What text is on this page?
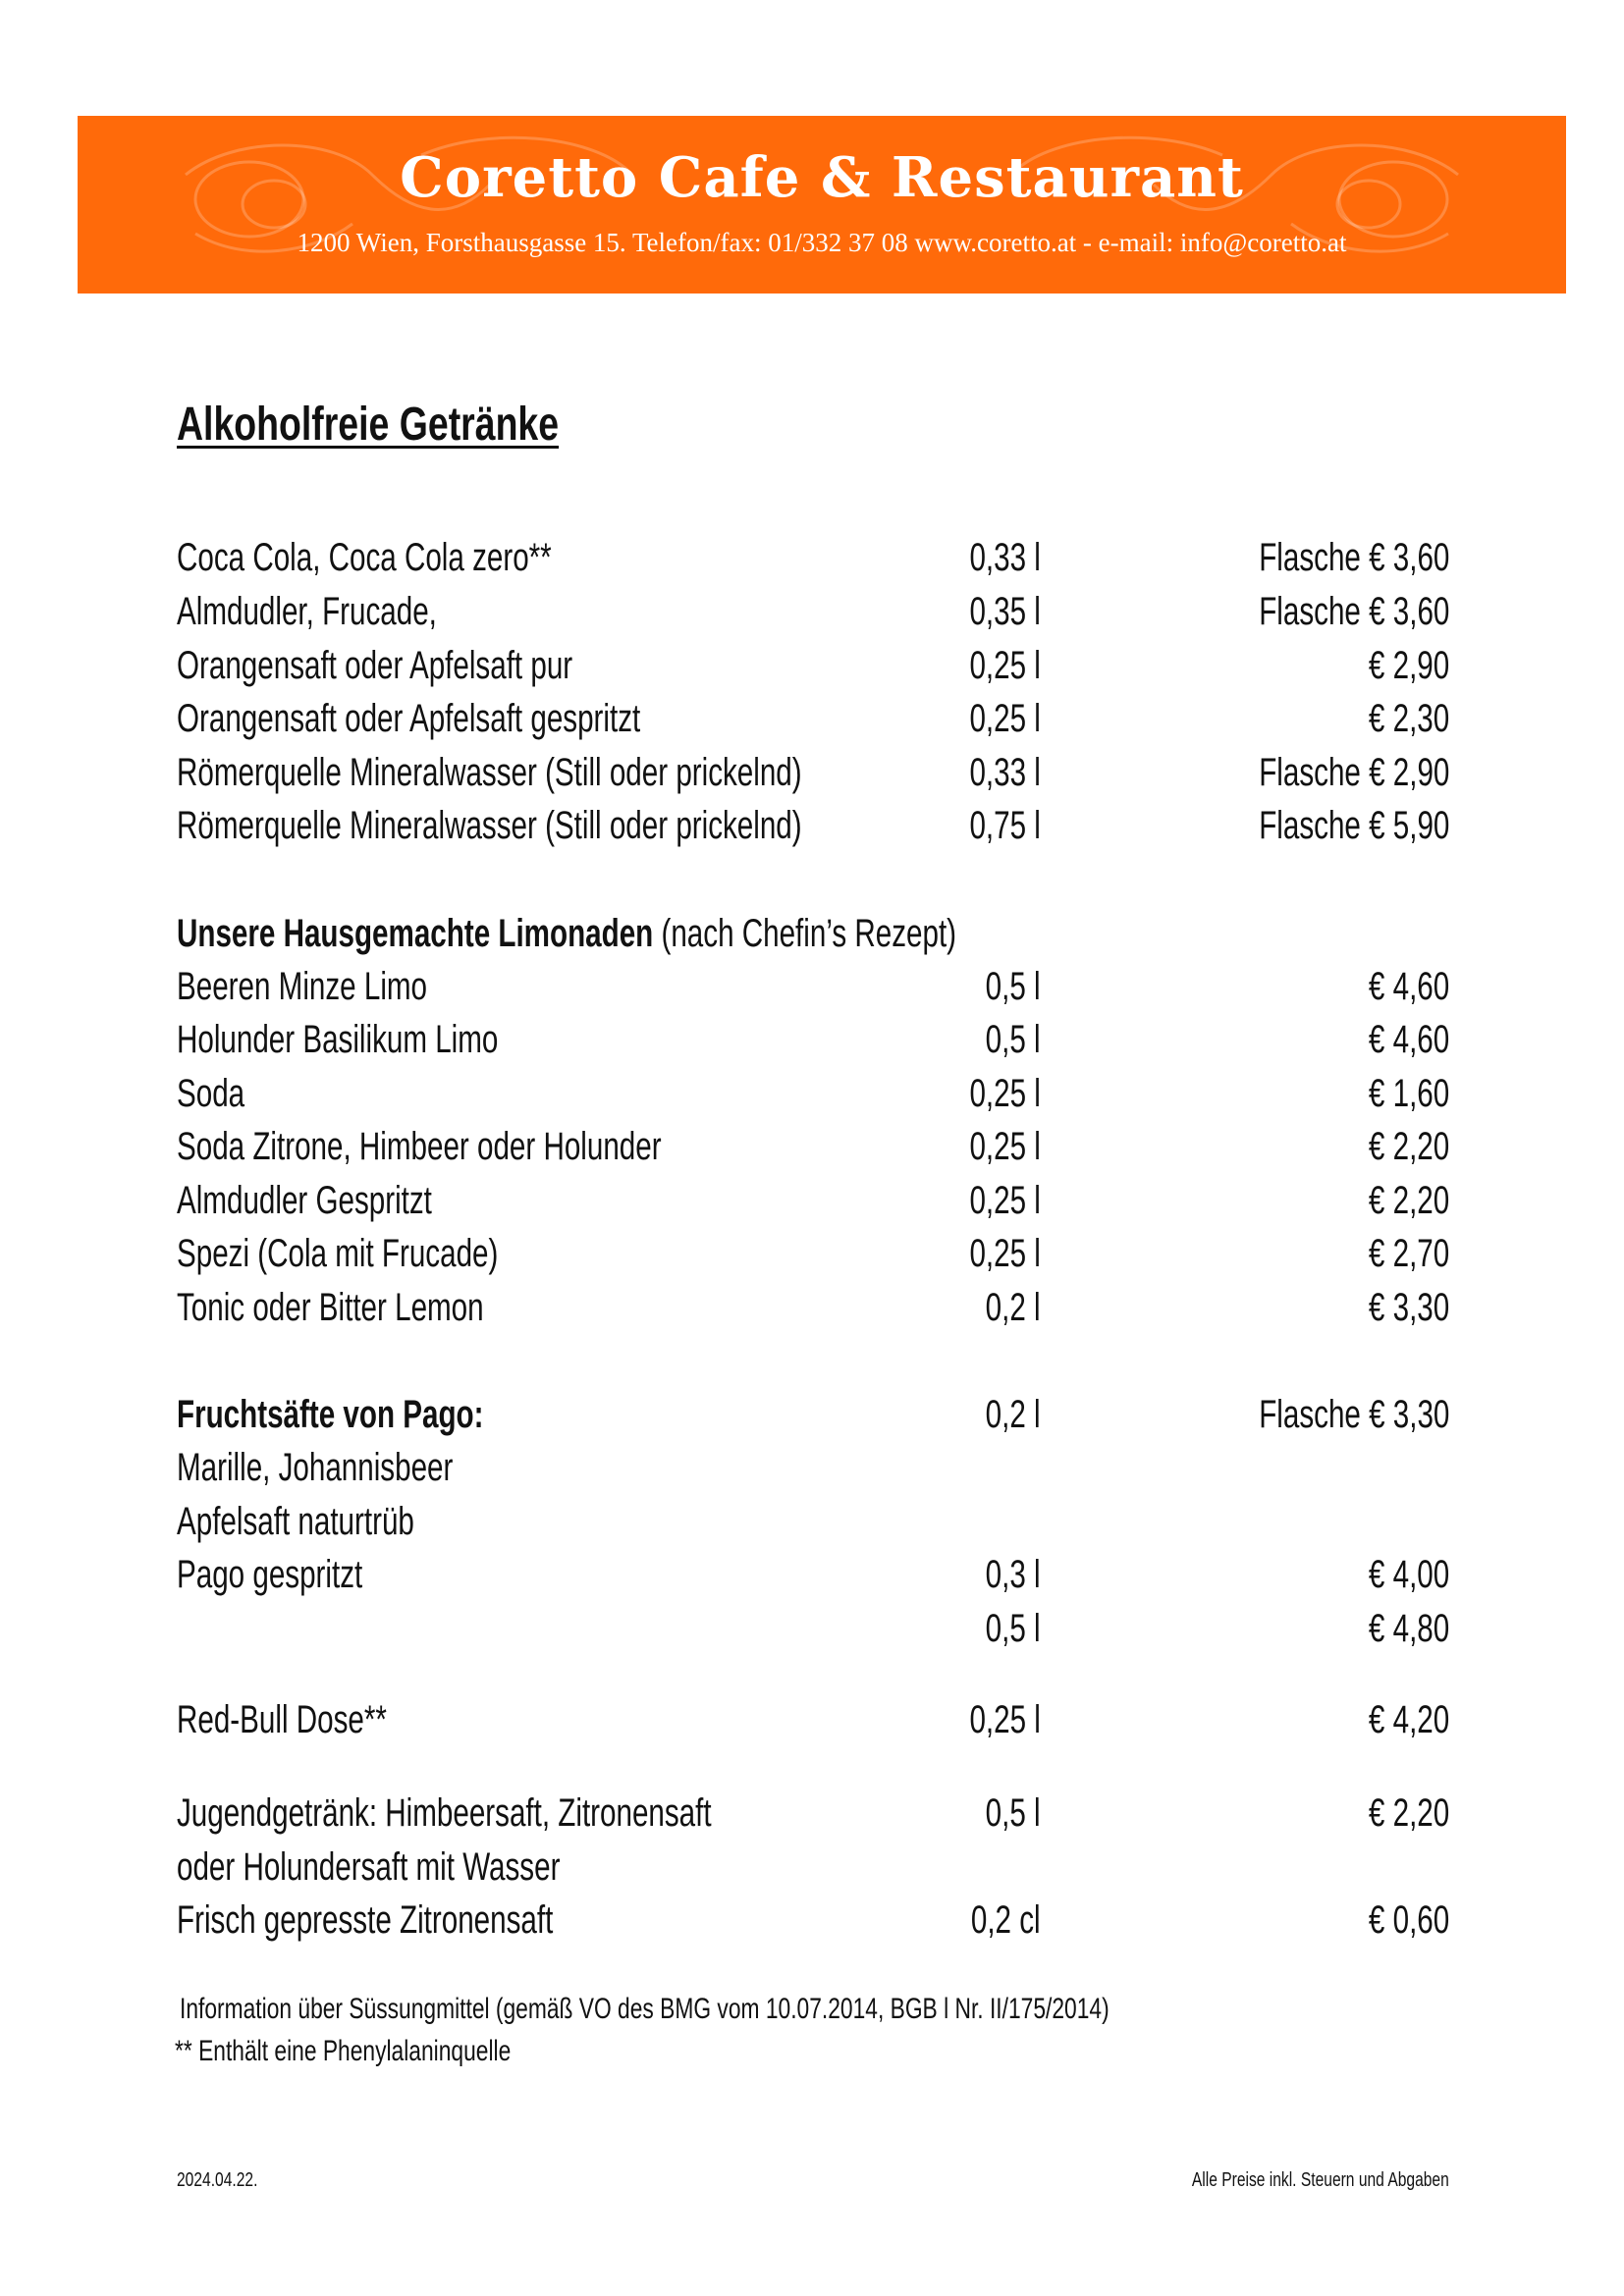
Coretto Cafe & Restaurant
1200 Wien, Forsthausgasse 15. Telefon/fax: 01/332 37 08 www.coretto.at - e-mail: info@coretto.at
Alkoholfreie Getränke
Coca Cola, Coca Cola zero**	0,33 l	Flasche € 3,60
Almdudler, Frucade,	0,35 l	Flasche € 3,60
Orangensaft oder Apfelsaft pur	0,25 l	€ 2,90
Orangensaft oder Apfelsaft gespritzt	0,25 l	€ 2,30
Römerquelle Mineralwasser (Still oder prickelnd)	0,33 l	Flasche € 2,90
Römerquelle Mineralwasser (Still oder prickelnd)	0,75 l	Flasche € 5,90
Unsere Hausgemachte Limonaden (nach Chefin’s Rezept)
Beeren Minze Limo	0,5 l	€ 4,60
Holunder Basilikum Limo	0,5 l	€ 4,60
Soda	0,25 l	€ 1,60
Soda Zitrone, Himbeer oder Holunder	0,25 l	€ 2,20
Almdudler Gespritzt	0,25 l	€ 2,20
Spezi (Cola mit Frucade)	0,25 l	€ 2,70
Tonic oder Bitter Lemon	0,2 l	€ 3,30
Fruchtsäfte von Pago:	0,2 l	Flasche € 3,30
Marille, Johannisbeer
Apfelsaft naturtrüb
Pago gespritzt	0,3 l	€ 4,00
0,5 l	€ 4,80
Red-Bull Dose**	0,25 l	€ 4,20
Jugendgetränk: Himbeersaft, Zitronensaft	0,5 l	€ 2,20
oder Holundersaft mit Wasser
Frisch gepresste Zitronensaft	0,2 cl	€ 0,60
Information über Süssungmittel (gemäß VO des BMG vom 10.07.2014, BGB l Nr. II/175/2014)
** Enthält eine Phenylalaninquelle
2024.04.22.	Alle Preise inkl. Steuern und Abgaben
